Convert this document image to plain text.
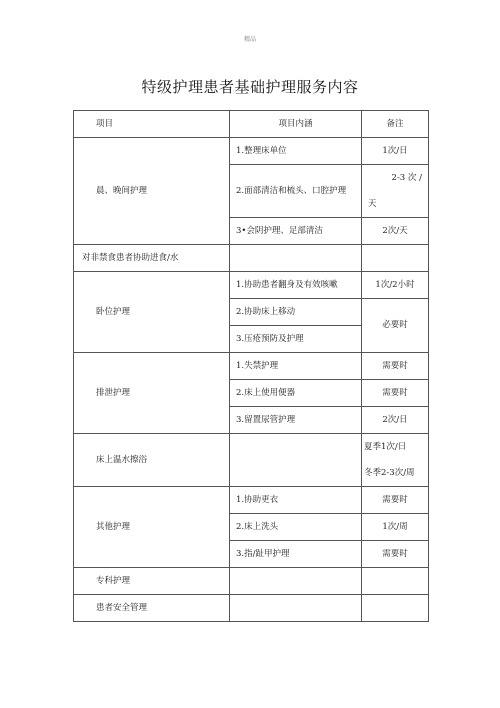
精品
特级护理患者基础护理服务内容
项目	项目内涵	备注
晨、晚间护理	1.整理床单位	1次/日
	2.面部清洁和梳头、口腔护理	2-3 次 /
天

	3•会阴护理、足部清洁	2次/天
对非禁食患者协助进食/水		
卧位护理	1.协助患者翻身及有效咳嗽	1次/2小时
	2.协助床上移动	必要时
	3.压疮预防及护理	
排泄护理	1.失禁护理	需要时
	2.床上使用便器	需要时
	3.留置尿管护理	2次/日
床上温水擦浴		夏季1次/日
冬季2-3次/周

其他护理	1.协助更衣	需要时
	2.床上洗头	1次/周
	3.指/趾甲护理	需要时
专科护理		
患者安全管理		
